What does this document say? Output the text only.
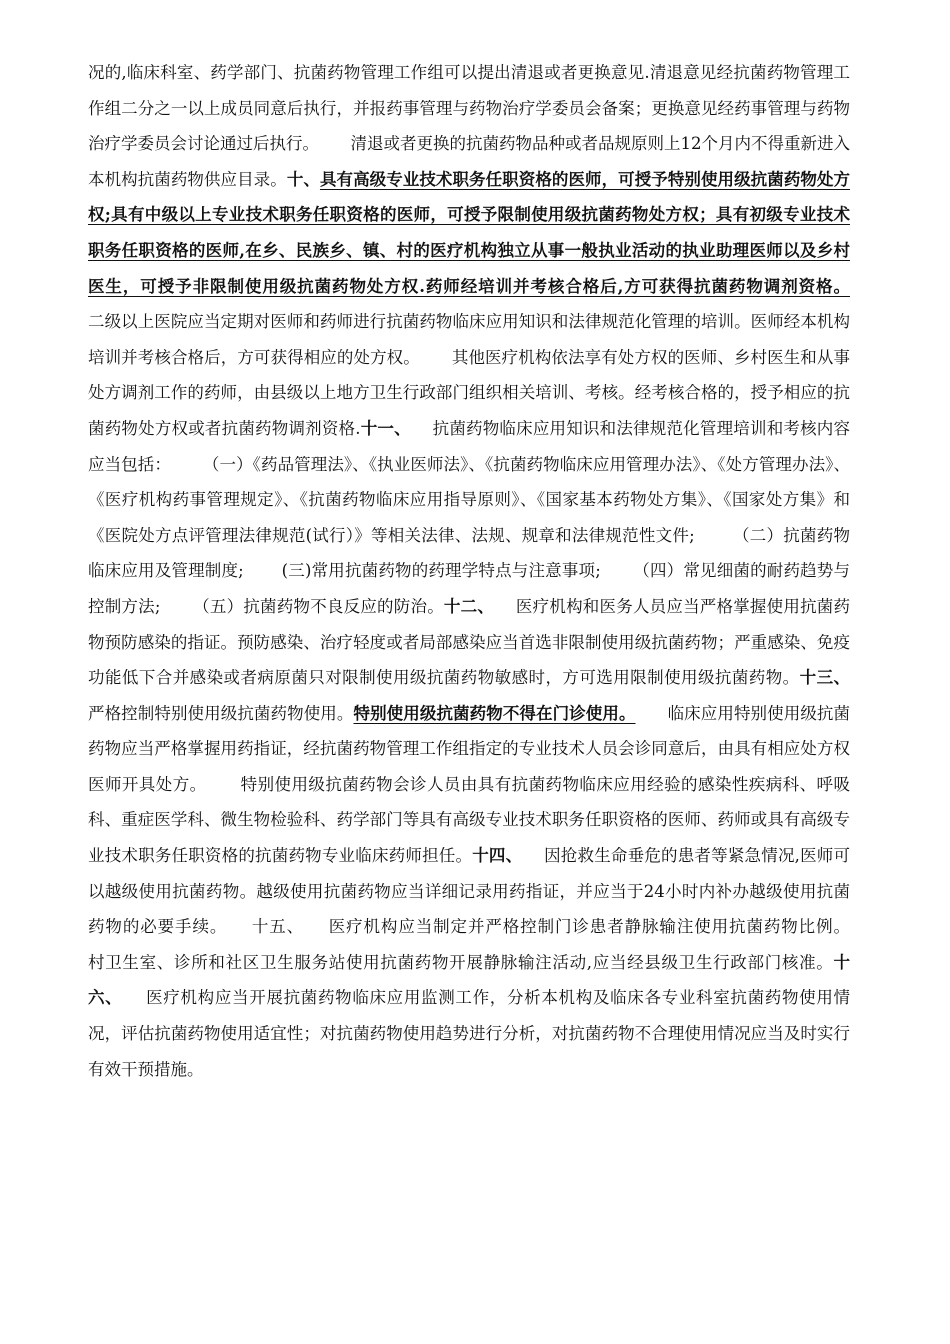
况的,临床科室、药学部门、抗菌药物管理工作组可以提出清退或者更换意见.清退意见经抗菌药物管理工作组二分之一以上成员同意后执行，并报药事管理与药物治疗学委员会备案；更换意见经药事管理与药物治疗学委员会讨论通过后执行。      清退或者更换的抗菌药物品种或者品规原则上12个月内不得重新进入本机构抗菌药物供应目录。十、具有高级专业技术职务任职资格的医师，可授予特别使用级抗菌药物处方权;具有中级以上专业技术职务任职资格的医师，可授予限制使用级抗菌药物处方权；具有初级专业技术职务任职资格的医师,在乡、民族乡、镇、村的医疗机构独立从事一般执业活动的执业助理医师以及乡村医生，可授予非限制使用级抗菌药物处方权.药师经培训并考核合格后,方可获得抗菌药物调剂资格。      二级以上医院应当定期对医师和药师进行抗菌药物临床应用知识和法律规范化管理的培训。医师经本机构培训并考核合格后，方可获得相应的处方权。      其他医疗机构依法享有处方权的医师、乡村医生和从事处方调剂工作的药师，由县级以上地方卫生行政部门组织相关培训、考核。经考核合格的，授予相应的抗菌药物处方权或者抗菌药物调剂资格.十一、    抗菌药物临床应用知识和法律规范化管理培训和考核内容应当包括：      （一）《药品管理法》、《执业医师法》、《抗菌药物临床应用管理办法》、《处方管理办法》、《医疗机构药事管理规定》、《抗菌药物临床应用指导原则》、《国家基本药物处方集》、《国家处方集》和《医院处方点评管理法律规范(试行）》等相关法律、法规、规章和法律规范性文件;       （二）抗菌药物临床应用及管理制度;       (三)常用抗菌药物的药理学特点与注意事项;      （四）常见细菌的耐药趋势与控制方法;      （五）抗菌药物不良反应的防治。十二、    医疗机构和医务人员应当严格掌握使用抗菌药物预防感染的指证。预防感染、治疗轻度或者局部感染应当首选非限制使用级抗菌药物；严重感染、免疫功能低下合并感染或者病原菌只对限制使用级抗菌药物敏感时，方可选用限制使用级抗菌药物。十三、    严格控制特别使用级抗菌药物使用。特别使用级抗菌药物不得在门诊使用。      临床应用特别使用级抗菌药物应当严格掌握用药指证，经抗菌药物管理工作组指定的专业技术人员会诊同意后，由具有相应处方权医师开具处方。      特别使用级抗菌药物会诊人员由具有抗菌药物临床应用经验的感染性疾病科、呼吸科、重症医学科、微生物检验科、药学部门等具有高级专业技术职务任职资格的医师、药师或具有高级专业技术职务任职资格的抗菌药物专业临床药师担任。十四、    因抢救生命垂危的患者等紧急情况,医师可以越级使用抗菌药物。越级使用抗菌药物应当详细记录用药指证，并应当于24小时内补办越级使用抗菌药物的必要手续。    十五、    医疗机构应当制定并严格控制门诊患者静脉输注使用抗菌药物比例。      村卫生室、诊所和社区卫生服务站使用抗菌药物开展静脉输注活动,应当经县级卫生行政部门核准。十六、    医疗机构应当开展抗菌药物临床应用监测工作，分析本机构及临床各专业科室抗菌药物使用情况，评估抗菌药物使用适宜性；对抗菌药物使用趋势进行分析，对抗菌药物不合理使用情况应当及时实行有效干预措施。
